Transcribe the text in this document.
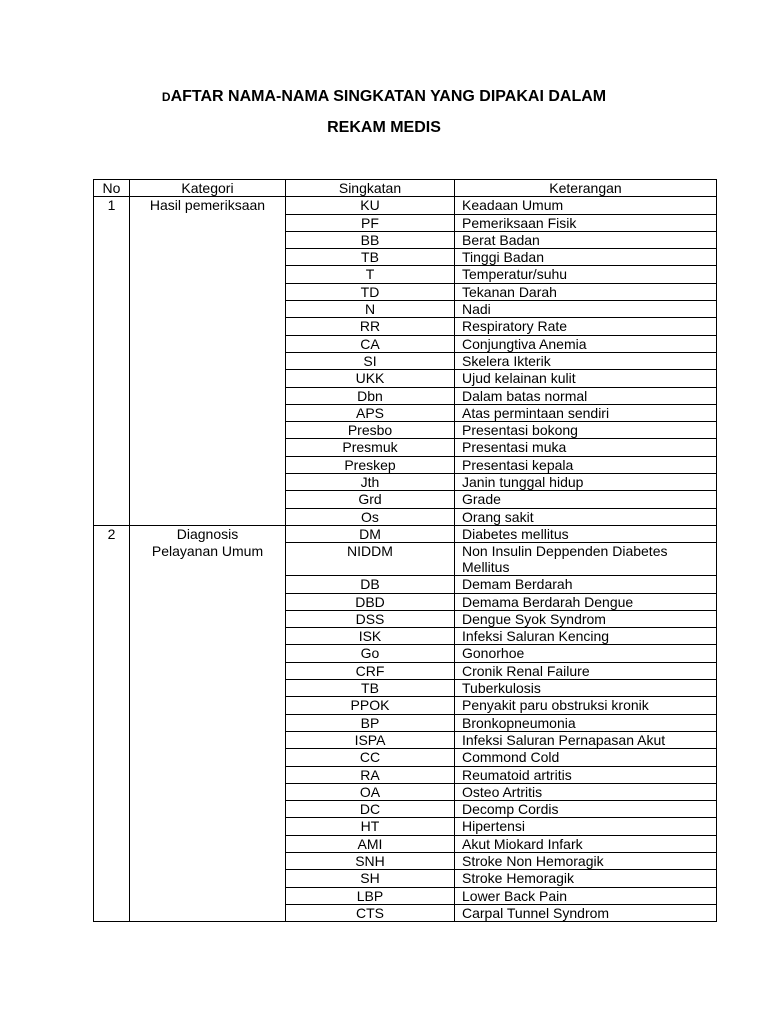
DAFTAR NAMA-NAMA SINGKATAN YANG DIPAKAI DALAM
REKAM MEDIS
No	Kategori	Singkatan	Keterangan
1	Hasil pemeriksaan	KU	Keadaan Umum
		PF	Pemeriksaan Fisik
		BB	Berat Badan
		TB	Tinggi Badan
		T	Temperatur/suhu
		TD	Tekanan Darah
		N	Nadi
		RR	Respiratory Rate
		CA	Conjungtiva Anemia
		SI	Skelera Ikterik
		UKK	Ujud kelainan kulit
		Dbn	Dalam batas normal
		APS	Atas permintaan sendiri
		Presbo	Presentasi bokong
		Presmuk	Presentasi muka
		Preskep	Presentasi kepala
		Jth	Janin tunggal hidup
		Grd	Grade
		Os	Orang sakit
2	Diagnosis	DM	Diabetes mellitus
	Pelayanan Umum	NIDDM	Non Insulin Deppenden Diabetes Mellitus
		DB	Demam Berdarah
		DBD	Demama Berdarah Dengue
		DSS	Dengue Syok Syndrom
		ISK	Infeksi Saluran Kencing
		Go	Gonorhoe
		CRF	Cronik Renal Failure
		TB	Tuberkulosis
		PPOK	Penyakit paru obstruksi kronik
		BP	Bronkopneumonia
		ISPA	Infeksi Saluran Pernapasan Akut
		CC	Commond Cold
		RA	Reumatoid artritis
		OA	Osteo Artritis
		DC	Decomp Cordis
		HT	Hipertensi
		AMI	Akut Miokard Infark
		SNH	Stroke Non Hemoragik
		SH	Stroke Hemoragik
		LBP	Lower Back Pain
		CTS	Carpal Tunnel Syndrom
